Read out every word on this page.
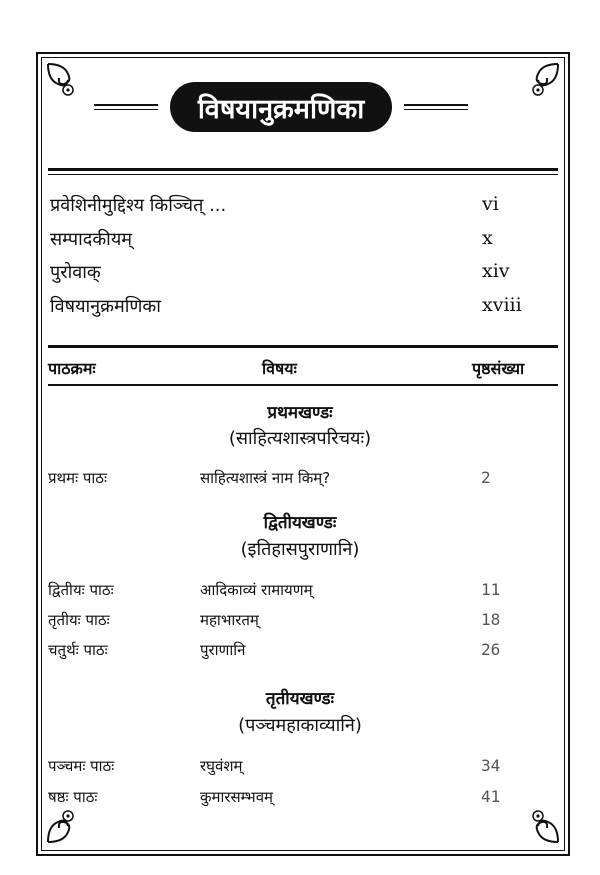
विषयानुक्रमणिका
प्रवेशिनीमुद्दिश्य किञ्चित् ...	vi
सम्पादकीयम्	x
पुरोवाक्	xiv
विषयानुक्रमणिका	xviii
पाठक्रमः	विषयः	पृष्ठसंख्या
प्रथमखण्डः
(साहित्यशास्त्रपरिचयः)
प्रथमः पाठः	साहित्यशास्त्रं नाम किम्?	2
द्वितीयखण्डः
(इतिहासपुराणानि)
द्वितीयः पाठः	आदिकाव्यं रामायणम्	11
तृतीयः पाठः	महाभारतम्	18
चतुर्थः पाठः	पुराणानि	26
तृतीयखण्डः
(पञ्चमहाकाव्यानि)
पञ्चमः पाठः	रघुवंशम्	34
षष्ठः पाठः	कुमारसम्भवम्	41
